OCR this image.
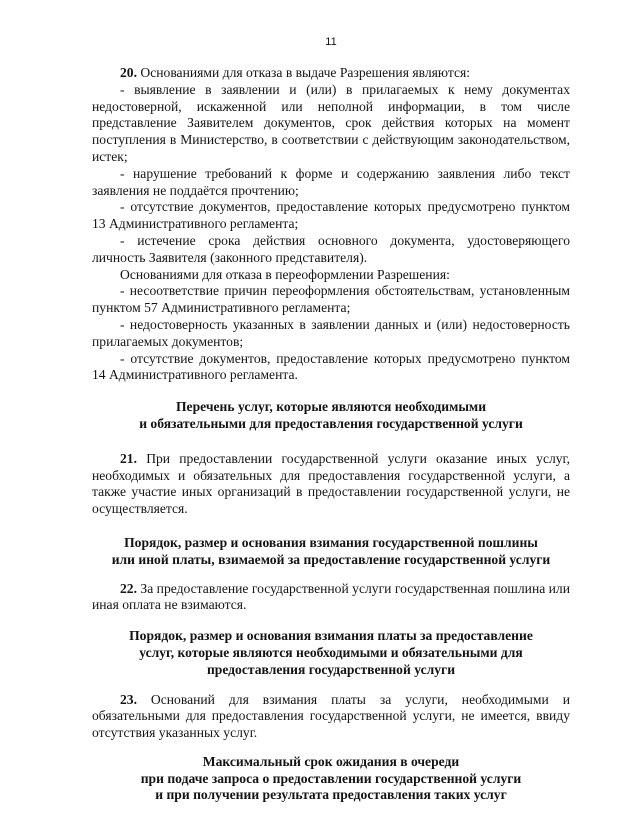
11

20. Основаниями для отказа в выдаче Разрешения являются:

- выявление в заявлении и (или) в прилагаемых к нему документах недостоверной, искаженной или неполной информации, в том числе представление Заявителем документов, срок действия которых на момент поступления в Министерство, в соответствии с действующим законодательством, истек;

- нарушение требований к форме и содержанию заявления либо текст заявления не поддаётся прочтению;

- отсутствие документов, предоставление которых предусмотрено пунктом 13 Административного регламента;

- истечение срока действия основного документа, удостоверяющего личность Заявителя (законного представителя).

Основаниями для отказа в переоформлении Разрешения:

- несоответствие причин переоформления обстоятельствам, установленным пунктом 57 Административного регламента;

- недостоверность указанных в заявлении данных и (или) недостоверность прилагаемых документов;

- отсутствие документов, предоставление которых предусмотрено пунктом 14 Административного регламента.

Перечень услуг, которые являются необходимыми
и обязательными для предоставления государственной услуги

21. При предоставлении государственной услуги оказание иных услуг, необходимых и обязательных для предоставления государственной услуги, а также участие иных организаций в предоставлении государственной услуги, не осуществляется.

Порядок, размер и основания взимания государственной пошлины
или иной платы, взимаемой за предоставление государственной услуги

22. За предоставление государственной услуги государственная пошлина или иная оплата не взимаются.

Порядок, размер и основания взимания платы за предоставление
услуг, которые являются необходимыми и обязательными для
предоставления государственной услуги

23. Оснований для взимания платы за услуги, необходимыми и обязательными для предоставления государственной услуги, не имеется, ввиду отсутствия указанных услуг.

Максимальный срок ожидания в очереди
при подаче запроса о предоставлении государственной услуги
и при получении результата предоставления таких услуг
